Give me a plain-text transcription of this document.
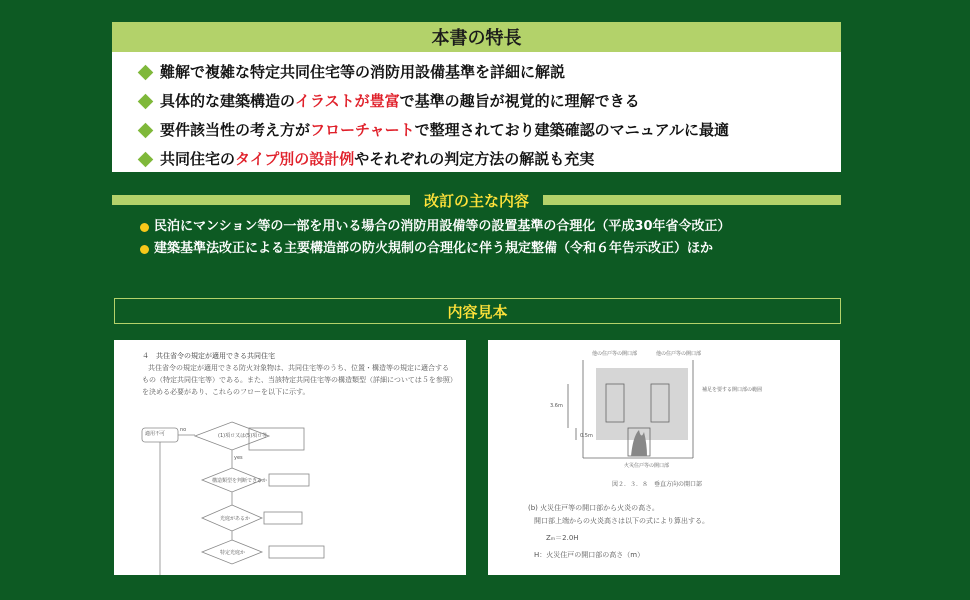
本書の特長
難解で複雑な特定共同住宅等の消防用設備基準を詳細に解説
具体的な建築構造の イラストが豊富 で基準の趣旨が視覚的に理解できる
要件該当性の考え方が フローチャート で整理されており建築確認のマニュアルに最適
共同住宅の タイプ別の設計例 やそれぞれの判定方法の解説も充実
改訂の主な内容
民泊にマンション等の一部を用いる場合の消防用設備等の設置基準の合理化（平成30年省令改正）
建築基準法改正による主要構造部の防火規制の合理化に伴う規定整備（令和６年告示改正）ほか
内容見本
４　共住省令の規定が適用できる共同住宅
共住省令の規定が適用できる防火対象物は、共同住宅等のうち、位置・構造等の規定に適合する
もの（特定共同住宅等）である。また、当該特定共同住宅等の構造類型（詳細については５を参照）
を決める必要があり、これらのフローを以下に示す。
適用不可	(1)項ロ又は(5)項ロ等
構造類型を判断できるか
光庭があるか
特定光庭か
yes
no
他の住戸等の開口部	他の住戸等の開口部
補足を要する開口部の範囲
火災住戸等の開口部
3.6m
0.5m
図２．３．８　垂直方向の開口部
(b) 火災住戸等の開口部から火炎の高さ。
開口部上端からの火炎高さは以下の式により算出する。
Zₘ＝2.0H
H：火災住戸の開口部の高さ（m）
